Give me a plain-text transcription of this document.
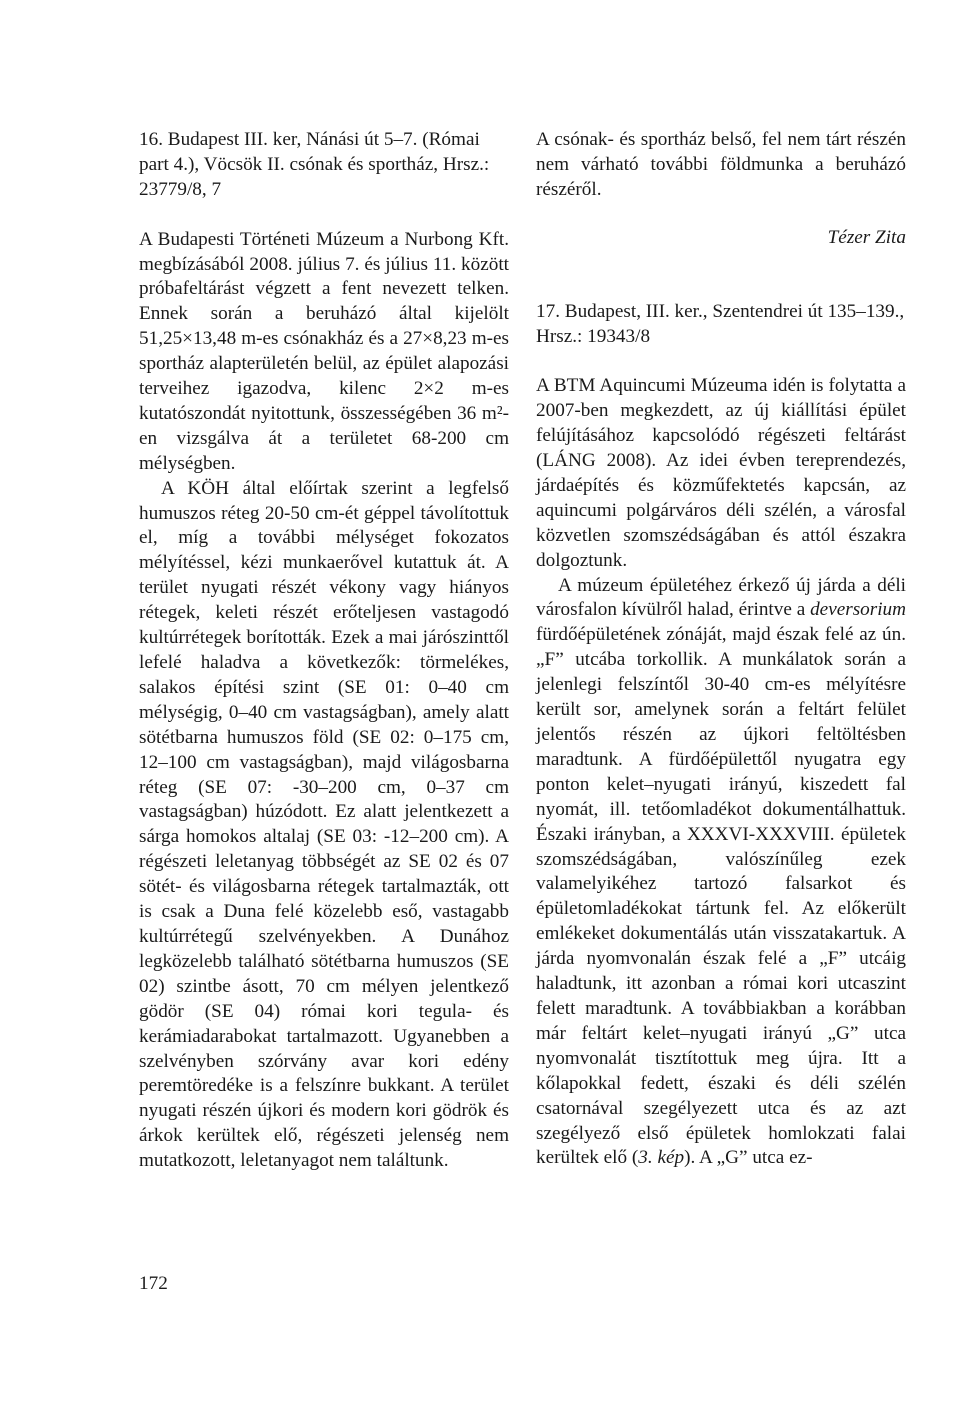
16. Budapest III. ker, Nánási út 5–7. (Római part 4.), Vöcsök II. csónak és sportház, Hrsz.: 23779/8, 7

A Budapesti Történeti Múzeum a Nurbong Kft. megbízásából 2008. július 7. és július 11. között próbafeltárást végzett a fent nevezett telken. Ennek során a beruházó által kijelölt 51,25×13,48 m-es csónakház és a 27×8,23 m-es sportház alapterületén belül, az épület alapozási terveihez igazodva, kilenc 2×2 m-es kutatószondát nyitottunk, összességében 36 m²-en vizsgálva át a területet 68-200 cm mélységben.

A KÖH által előírtak szerint a legfelső humuszos réteg 20-50 cm-ét géppel távolítottuk el, míg a további mélységet fokozatos mélyítéssel, kézi munkaerővel kutattuk át. A terület nyugati részét vékony vagy hiányos rétegek, keleti részét erőteljesen vastagodó kultúrrétegek borították. Ezek a mai járószinttől lefelé haladva a következők: törmelékes, salakos építési szint (SE 01: 0–40 cm mélységig, 0–40 cm vastagságban), amely alatt sötétbarna humuszos föld (SE 02: 0–175 cm, 12–100 cm vastagságban), majd világosbarna réteg (SE 07: -30–200 cm, 0–37 cm vastagságban) húzódott. Ez alatt jelentkezett a sárga homokos altalaj (SE 03: -12–200 cm). A régészeti leletanyag többségét az SE 02 és 07 sötét- és világosbarna rétegek tartalmazták, ott is csak a Duna felé közelebb eső, vastagabb kultúrrétegű szelvényekben. A Dunához legközelebb található sötétbarna humuszos (SE 02) szintbe ásott, 70 cm mélyen jelentkező gödör (SE 04) római kori tegula- és kerámiadarabokat tartalmazott. Ugyanebben a szelvényben szórvány avar kori edény peremtöredéke is a felszínre bukkant. A terület nyugati részén újkori és modern kori gödrök és árkok kerültek elő, régészeti jelenség nem mutatkozott, leletanyagot nem találtunk.

A csónak- és sportház belső, fel nem tárt részén nem várható további földmunka a beruházó részéről.

Tézer Zita

17. Budapest, III. ker., Szentendrei út 135–139., Hrsz.: 19343/8

A BTM Aquincumi Múzeuma idén is folytatta a 2007-ben megkezdett, az új kiállítási épület felújításához kapcsolódó régészeti feltárást (LÁNG 2008). Az idei évben tereprendezés, járdaépítés és közműfektetés kapcsán, az aquincumi polgárváros déli szélén, a városfal közvetlen szomszédságában és attól északra dolgoztunk.

A múzeum épületéhez érkező új járda a déli városfalon kívülről halad, érintve a deversorium fürdőépületének zónáját, majd észak felé az ún. „F” utcába torkollik. A munkálatok során a jelenlegi felszíntől 30-40 cm-es mélyítésre került sor, amelynek során a feltárt felület jelentős részén az újkori feltöltésben maradtunk. A fürdőépülettől nyugatra egy ponton kelet–nyugati irányú, kiszedett fal nyomát, ill. tetőomladékot dokumentálhattuk. Északi irányban, a XXXVI-XXXVIII. épületek szomszédságában, valószínűleg ezek valamelyikéhez tartozó falsarkot és épületomladékokat tártunk fel. Az előkerült emlékeket dokumentálás után visszatakartuk. A járda nyomvonalán észak felé a „F” utcáig haladtunk, itt azonban a római kori utcaszint felett maradtunk. A továbbiakban a korábban már feltárt kelet–nyugati irányú „G” utca nyomvonalát tisztítottuk meg újra. Itt a kőlapokkal fedett, északi és déli szélén csatornával szegélyezett utca és az azt szegélyező első épületek homlokzati falai kerültek elő (3. kép). A „G” utca ez-

172
